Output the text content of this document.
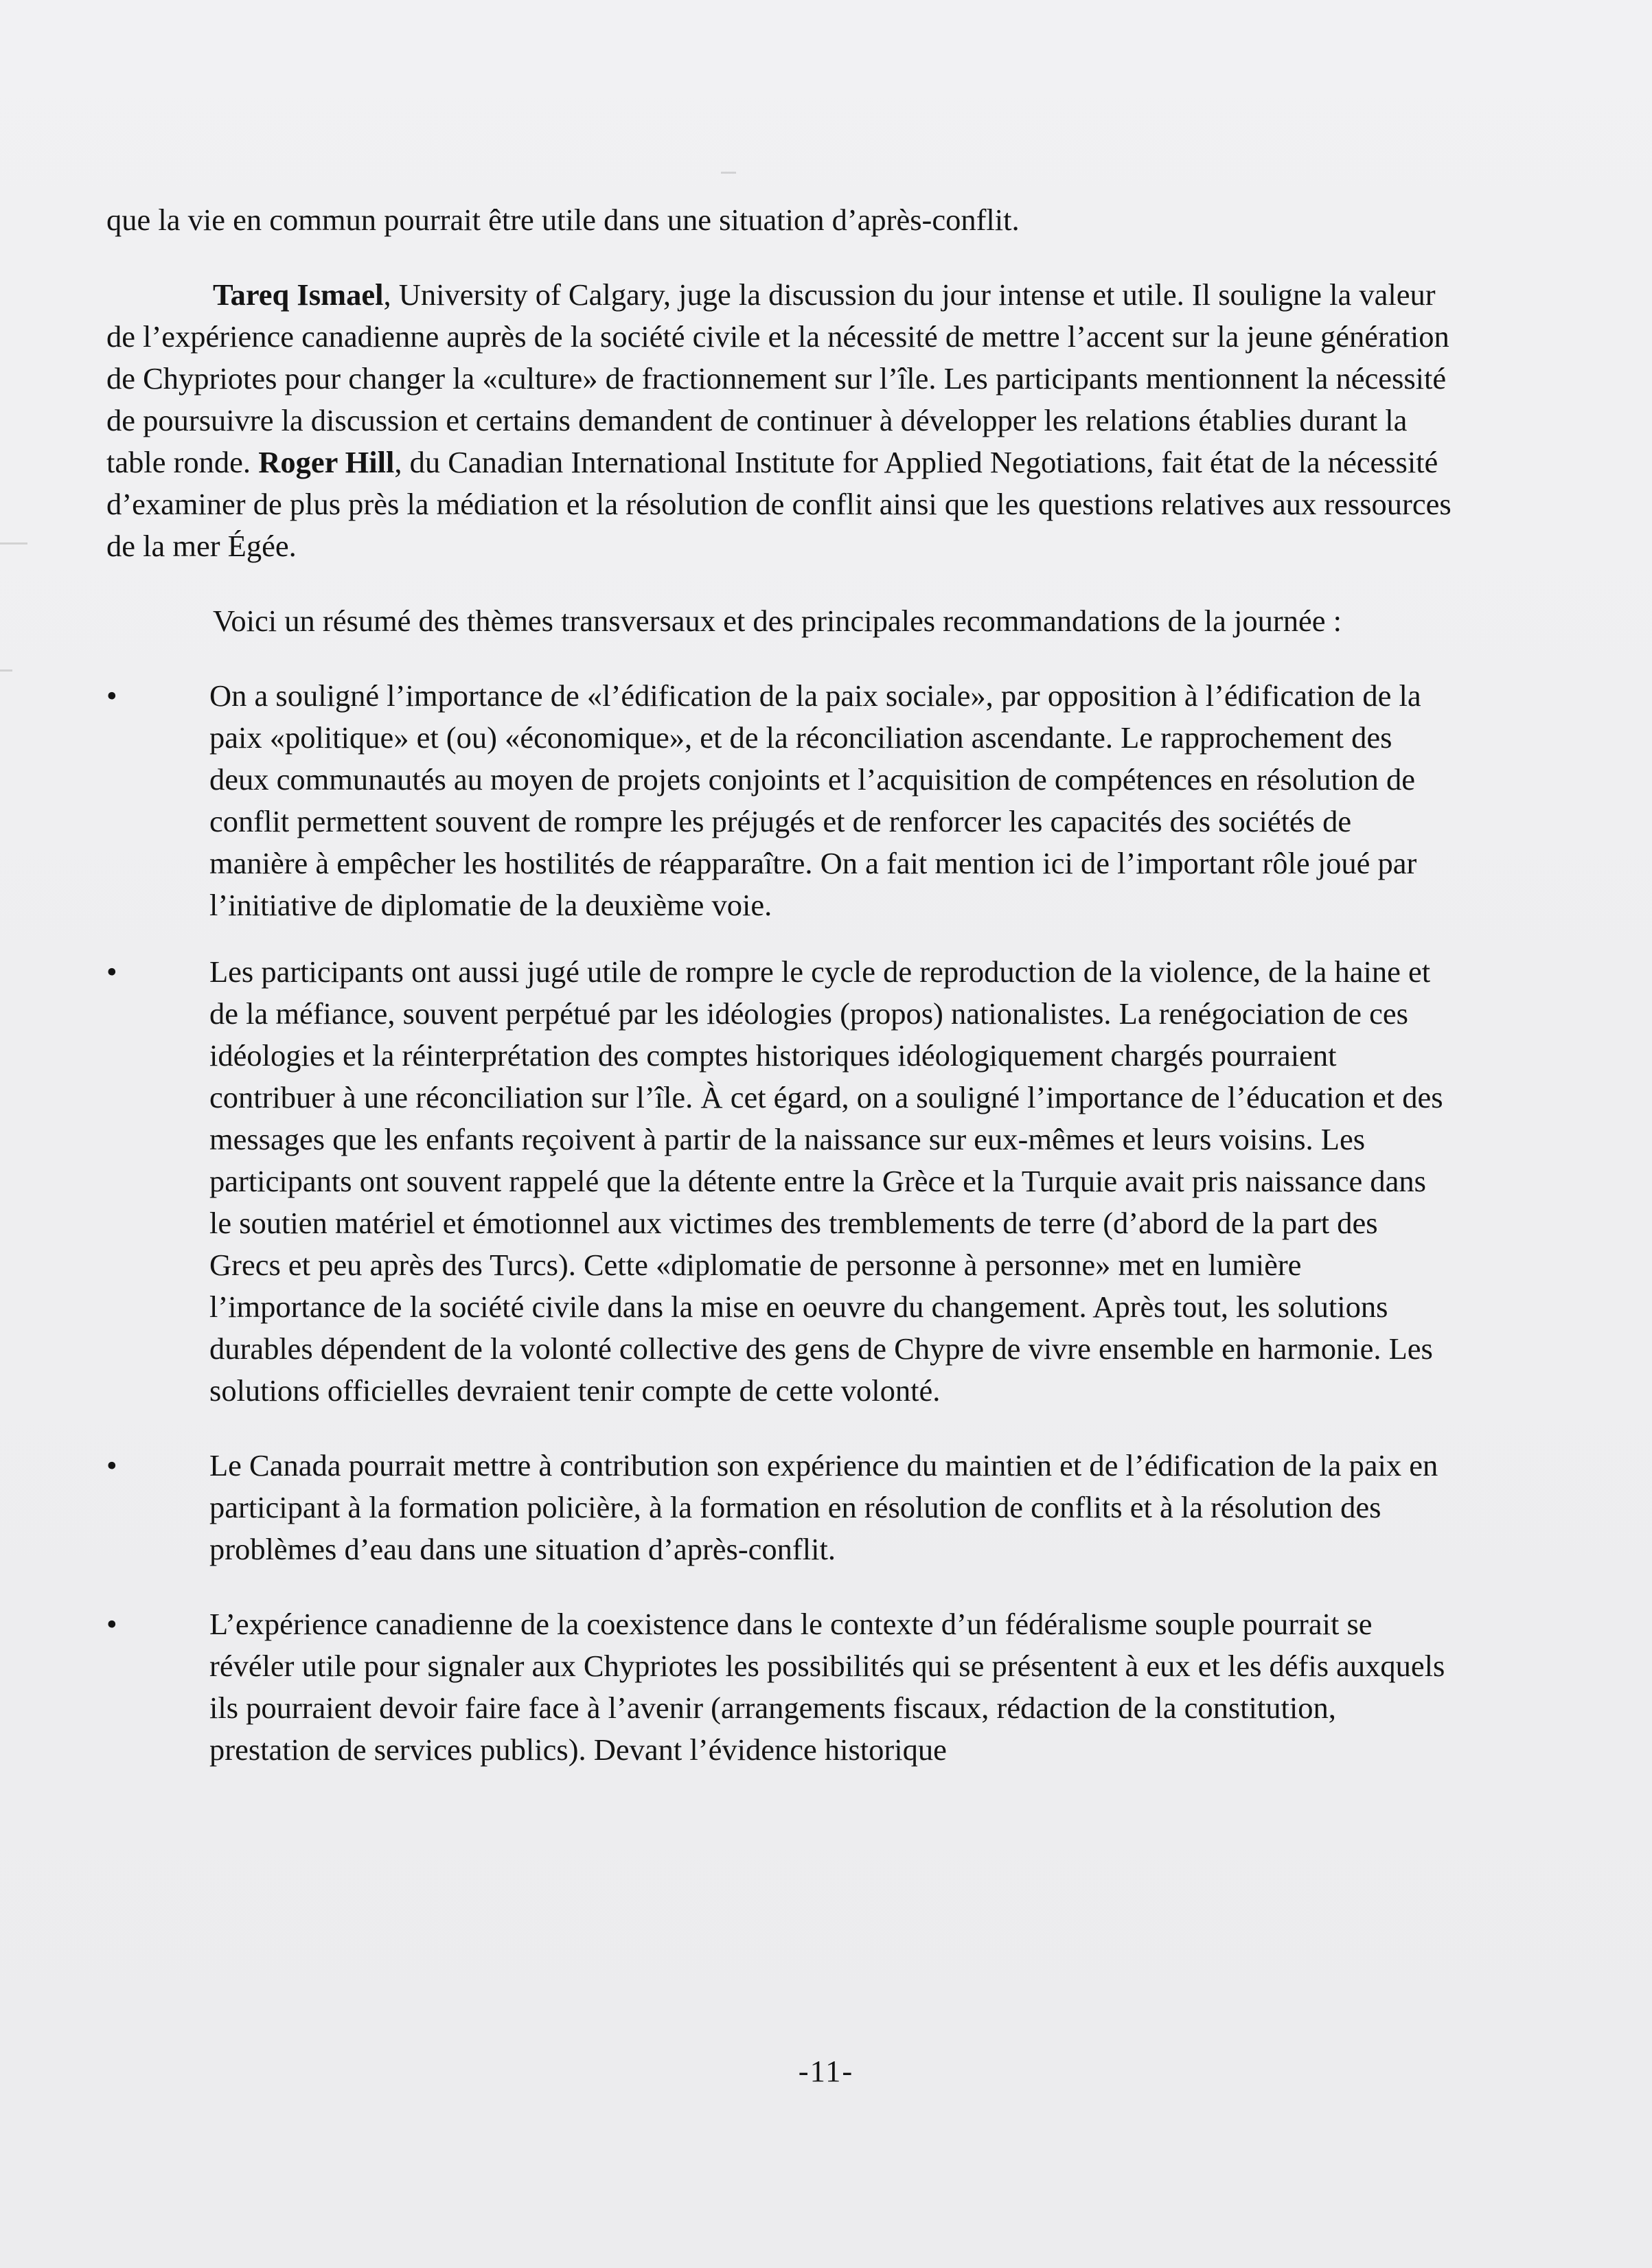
que la vie en commun pourrait être utile dans une situation d’après-conflit.

Tareq Ismael, University of Calgary, juge la discussion du jour intense et utile. Il souligne la valeur de l’expérience canadienne auprès de la société civile et la nécessité de mettre l’accent sur la jeune génération de Chypriotes pour changer la «culture» de fractionnement sur l’île. Les participants mentionnent la nécessité de poursuivre la discussion et certains demandent de continuer à développer les relations établies durant la table ronde. Roger Hill, du Canadian International Institute for Applied Negotiations, fait état de la nécessité d’examiner de plus près la médiation et la résolution de conflit ainsi que les questions relatives aux ressources de la mer Égée.

Voici un résumé des thèmes transversaux et des principales recommandations de la journée :

•	On a souligné l’importance de «l’édification de la paix sociale», par opposition à l’édification de la paix «politique» et (ou) «économique», et de la réconciliation ascendante. Le rapprochement des deux communautés au moyen de projets conjoints et l’acquisition de compétences en résolution de conflit permettent souvent de rompre les préjugés et de renforcer les capacités des sociétés de manière à empêcher les hostilités de réapparaître. On a fait mention ici de l’important rôle joué par l’initiative de diplomatie de la deuxième voie.

•	Les participants ont aussi jugé utile de rompre le cycle de reproduction de la violence, de la haine et de la méfiance, souvent perpétué par les idéologies (propos) nationalistes. La renégociation de ces idéologies et la réinterprétation des comptes historiques idéologiquement chargés pourraient contribuer à une réconciliation sur l’île. À cet égard, on a souligné l’importance de l’éducation et des messages que les enfants reçoivent à partir de la naissance sur eux-mêmes et leurs voisins. Les participants ont souvent rappelé que la détente entre la Grèce et la Turquie avait pris naissance dans le soutien matériel et émotionnel aux victimes des tremblements de terre (d’abord de la part des Grecs et peu après des Turcs). Cette «diplomatie de personne à personne» met en lumière l’importance de la société civile dans la mise en oeuvre du changement. Après tout, les solutions durables dépendent de la volonté collective des gens de Chypre de vivre ensemble en harmonie. Les solutions officielles devraient tenir compte de cette volonté.

•	Le Canada pourrait mettre à contribution son expérience du maintien et de l’édification de la paix en participant à la formation policière, à la formation en résolution de conflits et à la résolution des problèmes d’eau dans une situation d’après-conflit.

•	L’expérience canadienne de la coexistence dans le contexte d’un fédéralisme souple pourrait se révéler utile pour signaler aux Chypriotes les possibilités qui se présentent à eux et les défis auxquels ils pourraient devoir faire face à l’avenir (arrangements fiscaux, rédaction de la constitution, prestation de services publics). Devant l’évidence historique

-11-
